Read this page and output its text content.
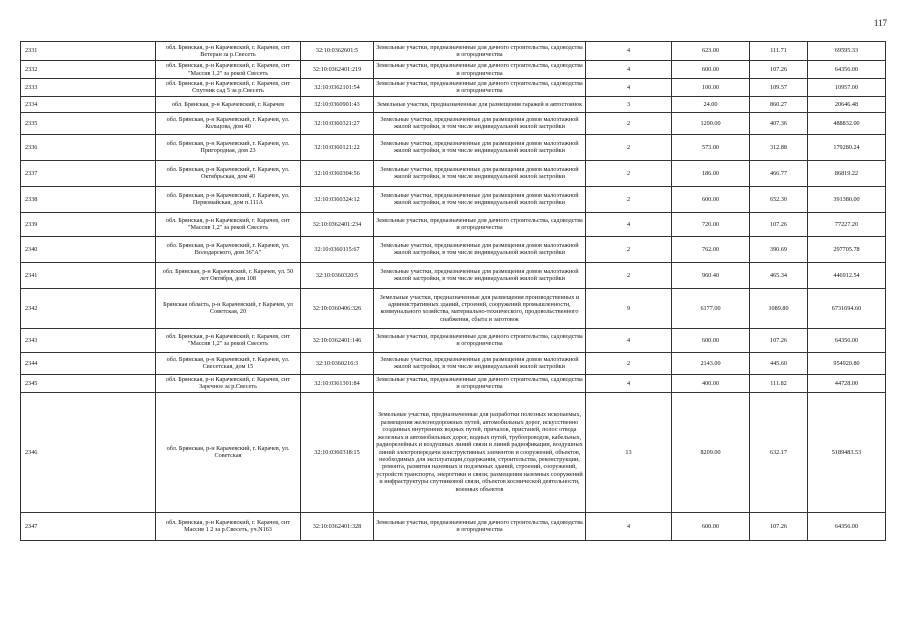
117
2331	обл. Брянская, р-н Карачевский, г. Карачев, снт Ветеран за р.Свесеть	32:10:0362601:5	Земельные участки, предназначенные для дачного строительства, садоводства и огородничества	4	623.00	111.71	69595.33
2332	обл. Брянская, р-н Карачевский, г. Карачев, снт "Массив 1,2" за рекой Свесеть	32:10:0362401:219	Земельные участки, предназначенные для дачного строительства, садоводства и огородничества	4	600.00	107.26	64356.00
2333	обл. Брянская, р-н Карачевский, г. Карачев, снт Спутник сад 5 за р.Свесеть	32:10:0362101:54	Земельные участки, предназначенные для дачного строительства, садоводства и огородничества	4	100.00	109.57	10957.00
2334	обл. Брянская, р-н Карачевский, г. Карачев	32:10:0360901:43	Земельные участки, предназначенные для размещения гаражей и автостоянок	3	24.00	860.27	20646.48
2335	обл. Брянская, р-н Карачевский, г. Карачев, ул. Кольцова, дом 40	32:10:0360321:27	Земельные участки, предназначенные для размещения домов малоэтажной жилой застройки, в том числе индивидуальной жилой застройки	2	1200.00	407.36	488832.00
2336	обл. Брянская, р-н Карачевский, г. Карачев, ул. Пригородная, дом 23	32:10:0360121:22	Земельные участки, предназначенные для размещения домов малоэтажной жилой застройки, в том числе индивидуальной жилой застройки	2	573.00	312.88	179280.24
2337	обл. Брянская, р-н Карачевский, г. Карачев, ул. Октябрьская, дом 40	32:10:0360304:56	Земельные участки, предназначенные для размещения домов малоэтажной жилой застройки, в том числе индивидуальной жилой застройки	2	186.00	466.77	86819.22
2338	обл. Брянская, р-н Карачевский, г. Карачев, ул. Первомайская, дом п.111А	32:10:0360324:12	Земельные участки, предназначенные для размещения домов малоэтажной жилой застройки, в том числе индивидуальной жилой застройки	2	600.00	652.30	391380.00
2339	обл. Брянская, р-н Карачевский, г. Карачев, снт "Массив 1,2" за рекой Свесеть	32:10:0362401:234	Земельные участки, предназначенные для дачного строительства, садоводства и огородничества	4	720.00	107.26	77227.20
2340	обл. Брянская, р-н Карачевский, г. Карачев, ул. Володарского, дом 36"А"	32:10:0360115:67	Земельные участки, предназначенные для размещения домов малоэтажной жилой застройки, в том числе индивидуальной жилой застройки	2	762.00	390.69	297705.78
2341	обл. Брянская, р-н Карачевский, г. Карачев, ул. 50 лет Октября, дом 108	32:10:0360320:5	Земельные участки, предназначенные для размещения домов малоэтажной жилой застройки, в том числе индивидуальной жилой застройки	2	960.40	465.34	446912.54
2342	Брянская область, р-н Карачевский, г Карачев, ул Советская, 20	32:10:0360406:326	Земельные участки, предназначенные для размещения производственных и административных зданий, строений, сооружений промышленности, коммунального хозяйства, материально-технического, продовольственного снабжения, сбыта и заготовок	9	6177.00	1089.80	6731694.60
2343	обл. Брянская, р-н Карачевский, г. Карачев, снт "Массив 1,2" за рекой Свесеть	32:10:0362401:146	Земельные участки, предназначенные для дачного строительства, садоводства и огородничества	4	600.00	107.26	64356.00
2344	обл. Брянская, р-н Карачевский, г. Карачев, ул. Свесетская, дом 15	32:10:0360216:3	Земельные участки, предназначенные для размещения домов малоэтажной жилой застройки, в том числе индивидуальной жилой застройки	2	2143.00	445.60	954920.80
2345	обл. Брянская, р-н Карачевский, г. Карачев, снт Заречное за р.Свесеть	32:10:0361301:84	Земельные участки, предназначенные для дачного строительства, садоводства и огородничества	4	400.00	111.82	44728.00
2346	обл. Брянская, р-н Карачевский, г. Карачев, ул. Советская	32:10:0360318:15	Земельные участки, предназначенные для разработки полезных ископаемых, размещения железнодорожных путей, автомобильных дорог, искусственно созданных внутренних водных путей, причалов, пристаней, полос отвода железных и автомобильных дорог, водных путей, трубопроводов, кабельных, радиорелейных и воздушных линий связи и линий радиофикации, воздушных линий электропередачи конструктивных элементов и сооружений, объектов, необходимых для эксплуатации,содержания, строительства, реконструкции, ремонта, развития наземных и подземных зданий, строений, сооружений, устройств транспорта, энергетики и связи; размещения наземных сооружений и инфраструктуры спутниковой связи, объектов космической деятельности, военных объектов	13	8209.00	632.17	5189483.53
2347	обл. Брянская, р-н Карачевский, г. Карачев, снт Массив 1 2 за р.Свесеть, уч.N163	32:10:0362401:328	Земельные участки, предназначенные для дачного строительства, садоводства и огородничества	4	600.00	107.26	64356.00
